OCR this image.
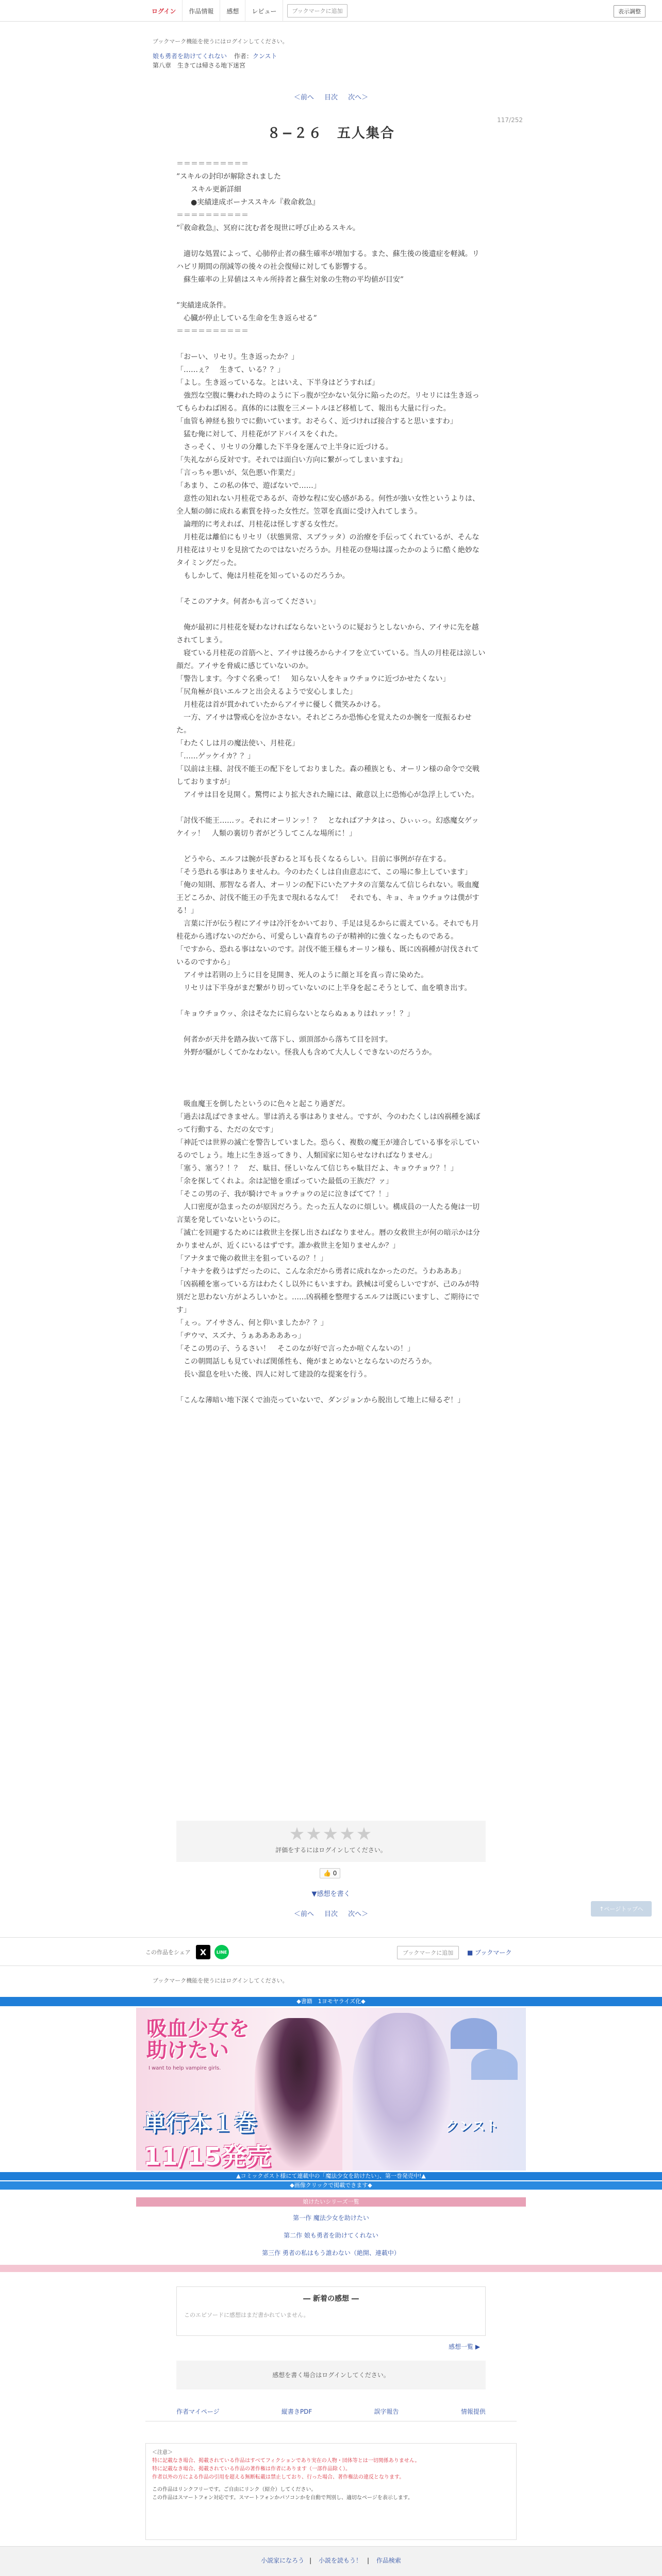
ログイン	作品情報	感想	レビュー	ブックマークに追加	表示調整
ブックマーク機能を使うにはログインしてください。
娘も勇者を助けてくれない 作者：クンスト
第八章　生きては帰さる地下迷宮
＜前へ 目次 次へ＞
117/252
８−２６　五人集合

＝＝＝＝＝＝＝＝＝＝

”スキルの封印が解除されました

　　スキル更新詳細

　　●実績達成ボーナススキル『救命救急』

＝＝＝＝＝＝＝＝＝＝

”『救命救急』、冥府に沈む者を現世に呼び止めるスキル。

　適切な処置によって、心肺停止者の蘇生確率が増加する。また、蘇生後の後遺症を軽減。リハビリ期間の削減等の後々の社会復帰に対しても影響する。

　蘇生確率の上昇値はスキル所持者と蘇生対象の生物の平均値が目安”

”実績達成条件。

　心臓が停止している生命を生き返らせる”

＝＝＝＝＝＝＝＝＝＝

「おーい、リセリ。生き返ったか？」

「……ぇ？　生きて、いる？？」

「よし。生き返っているな。とはいえ、下半身はどうすれば」

　強烈な空腹に襲われた時のように下っ腹が空かない気分に陥ったのだ。リセリには生き返ってもらわねば困る。真体的には腹を三メートルほど移植して、報出も大量に行った。

「血管も神経も独りでに動いています。おそらく、近づければ接合すると思いますわ」

　猛む俺に対して、月桂花がアドバイスをくれた。

　さっそく、リセリの分離した下半身を運んで上半身に近づける。

「失礼ながら反対です。それでは面白い方向に繋がってしまいますね」

「言っちゃ悪いが、気色悪い作業だ」

「あまり、この私の体で、遊ばないで……」

　意性の知れない月桂花であるが、奇妙な程に安心感がある。何性が強い女性というよりは、全人類の師に成れる素質を持った女性だ。笠罩を真面に受け入れてしまう。

　論理的に考えれば、月桂花は怪しすぎる女性だ。

　月桂花は離伯にもリセリ（状態異常、スプラッタ）の治療を手伝ってくれているが、そんな月桂花はリセリを見捨てたのではないだろうか。月桂花の登場は謀ったかのように酷く絶妙なタイミングだった。

　もしかして、俺は月桂花を知っているのだろうか。

「そこのアナタ。何者かも言ってください」

　俺が最初に月桂花を疑わなければならないというのに疑おうとしないから、アイサに先を越されてしまう。

　寝ている月桂花の首筋へと、アイサは後ろからナイフを立ていている。当人の月桂花は涼しい顔だ。アイサを脅威に感じていないのか。

「警告します。今すぐ名乗って！　知らない人をキョウチョウに近づかせたくない」

「尻角極が良いエルフと出会えるようで安心しました」

　月桂花は首が貫かれていたからアイサに優しく微笑みかける。

　一方、アイサは警戒心を泣かさない。それどころか恐怖心を覚えたのか腕を一度振るわせた。

「わたくしは月の魔法使い、月桂花」

「……ゲッケイカ？？」

「以前は主様、討伐不能王の配下をしておりました。森の種族とも、オーリン様の命令で交戦しておりますが」

　アイサは目を見開く。驚愕により拡大された瞳には、敵意以上に恐怖心が急浮上していた。

「討伐不能王……ッ。それにオーリンッ！？　となればアナタはっ、ひぃぃっ。幻惑魔女ゲッケイッ！　人類の裏切り者がどうしてこんな場所に！」

　どうやら、エルフは腕が長ぎわると耳も長くなるらしい。目前に事例が存在する。

「そう恐れる事はありませんわ。今のわたくしは自由意志にて、この場に参上しています」

「俺の知則、那智なる者人、オーリンの配下にいたアナタの言葉なんて信じられない。吸血魔王どころか、討伐不能王の手先まで現れるなんて！　それでも、キョ、キョウチョウは僕がする！」

　言葉に汗が伝う程にアイサは冷汗をかいており、手足は見るからに震えている。それでも月桂花から逃げないのだから、可愛らしい森育ちの子が精神的に強くなったものである。

「ですから、恐れる事はないのです。討伐不能王様もオーリン様も、既に凶祸種が討伐されているのですから」

　アイサは若則の上うに目を見開き、死人のように顔と耳を真っ青に染めた。

　リセリは下半身がまだ繋がり切っていないのに上半身を起こそうとして、血を噴き出す。

「キョウチョウッ、余はそなたに肩らないとならぬぁぁりはれァッ！？」

　何者かが天井を踏み抜いて落下し、頭頂部から落ちて目を回す。

　外野が騒がしくてかなわない。怪我人も含めて大人しくできないのだろうか。

　吸血魔王を倒したというのに色々と起こり過ぎだ。

「過去は乱ぱできません。罪は消える事はありません。ですが、今のわたくしは凶祸種を滅ぼって行動する、ただの女です」

「神託では世界の滅亡を警告していました。恐らく、複数の魔王が連合している事を示しているのでしょう。地上に生き返ってきり、人類国家に知らせなければなりません」

「塞う、塞う？！？　だ、駄目、怪しいなんて信じちゃ駄目だよ、キョウチョウ？！」

「余を探してくれよ。余は記憶を重ばっていた最低の王族だ？ァ」

「そこの男の子、我が騎けでキョウチョウの足に泣きばてて？！」

　人口密度が急まったのが原因だろう。たった五人なのに煩しい。構成員の一人たる俺は一切言葉を発していないというのに。

「滅亡を回避するためには救世主を探し出さねばなりません。暦の女救世主が何の暗示かは分かりませんが、近くにいるはずです。誰か救世主を知りませんか？」

「アナタまで俺の救世主を狙っているの？！」

「ナキナを救うはずだったのに、こんな余だから勇者に成れなかったのだ。うわあああ」

「凶祸種を塞っている方はわたくし以外にもいますわ。鉄械は可愛らしいですが、己のみが特別だと思わない方がよろしいかと。……凶祸種を整理するエルフは既にいますし、ご期待にです」

「ぇっ。アイサさん、何と仰いましたか？？」

「ヂウマ、スズナ、うぁあああああっ」

「そこの男の子、うるさい！　そこのなが好で言ったか喧ぐんないの！」

　この朝間話しも見ていれば関係性も、俺がまとめないとならないのだろうか。

　長い溜息を吐いた後、四人に対して建設的な提案を行う。

「こんな薄暗い地下深くで油売っていないで、ダンジョンから脱出して地上に帰るぞ！」

★★★★★
評価をするにはログインしてください。
👍 0
▼感想を書く
＜前へ 目次 次へ＞
↑ページトップへ
この作品をシェア	X	LINE	ブックマークに追加	■ ブックマーク
ブックマーク機能を使うにはログインしてください。
◆書籍　1ヨモヤライズ化◆
吸血少女を
助けたい
I want to help vampire girls.
単行本１巻
11/15発売
クンスト
▲コミックポスト様にて連載中の「魔法少女を助けたい」、第一巻発売中!▲
◆画像クリックで掲載できます◆
娘けたいシリーズ一覧
第一作 魔法少女を助けたい
第二作 娘も勇者を助けてくれない
第三作 勇者の私はもう誰わない（絶開、連載中）
― 新着の感想 ―
このエピソードに感想はまだ書かれていません。
感想一覧 ▶
感想を書く場合はログインしてください。
作者マイページ	縦書きPDF	誤字報告	情報提供
＜注意＞
特に記載なき場合、掲載されている作品はすべてフィクションであり実在の人物・団体等とは一切関係ありません。
特に記載なき場合、掲載されている作品の著作権は作者にあります（一部作品除く）。
作者以外の方による作品の引用を超える無断転載は禁止しており、行った場合、著作権法の違反となります。
この作品はリンクフリーです。ご自由にリンク（紹介）してください。
この作品はスマートフォン対応です。スマートフォンかパソコンかを自動で判別し、適切なページを表示します。
小説家になろう | 小説を読もう！ | 作品検索
